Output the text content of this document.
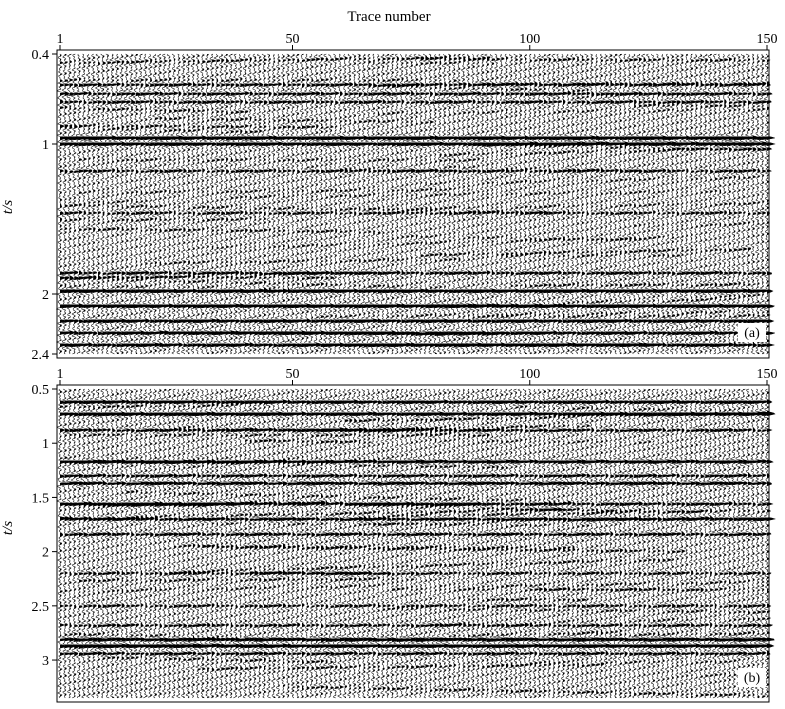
Trace number
1	50	100	150
0.4
1
2
2.4
t/s
(a)
1	50	100	150
0.5
1
1.5
2
2.5
3
t/s
(b)
